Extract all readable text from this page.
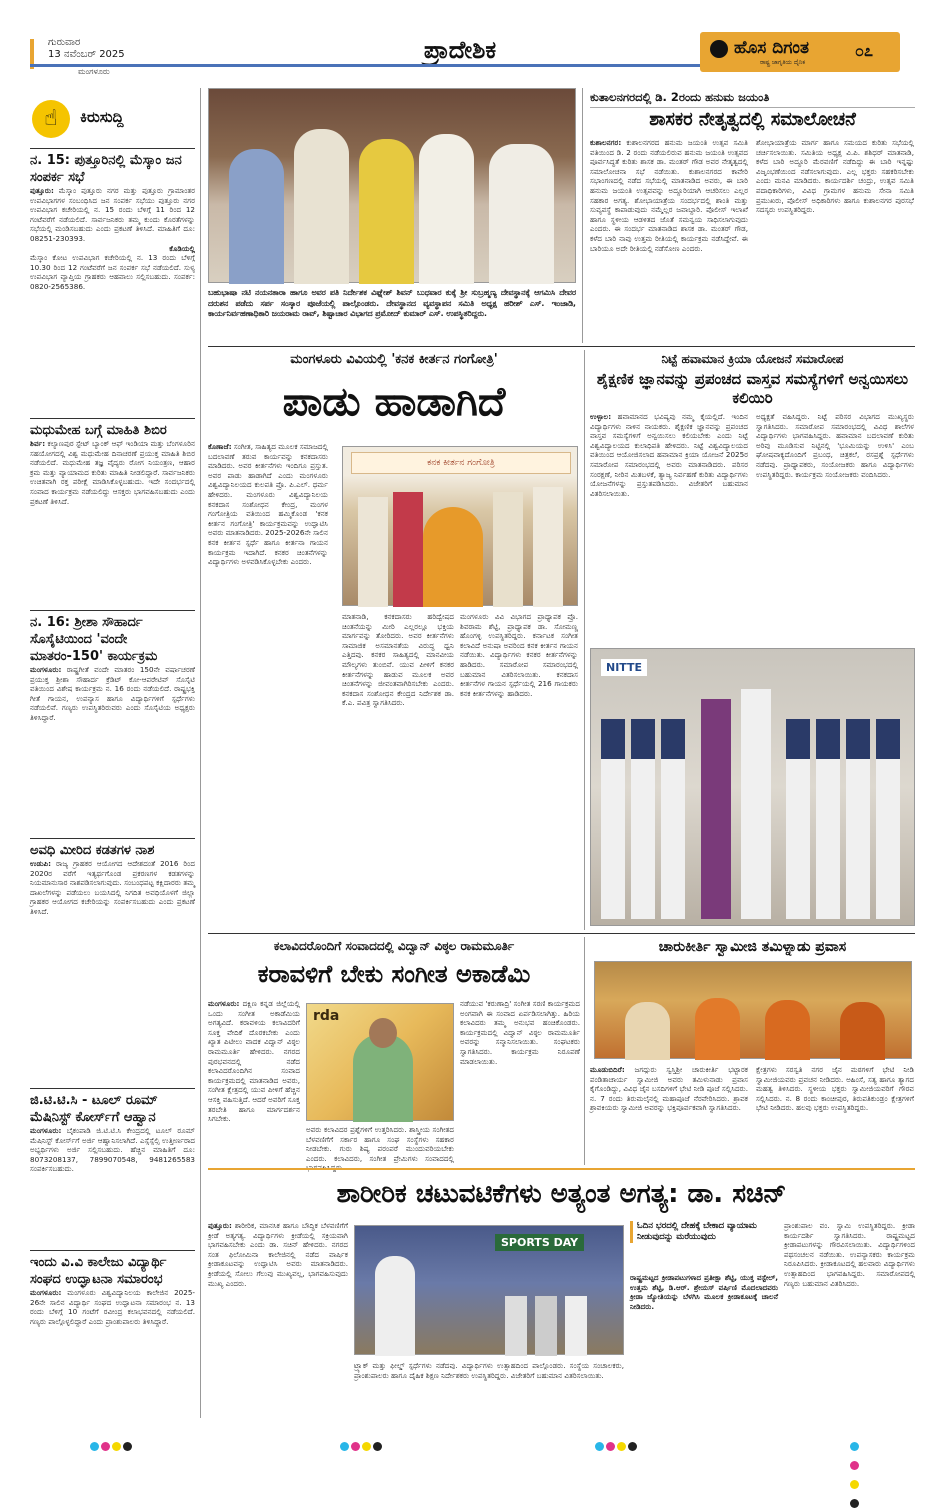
ಗುರುವಾರ
13 ನವೆಂಬರ್ 2025
ಮಂಗಳೂರು
ಪ್ರಾದೇಶಿಕ	ಹೊಸ ದಿಗಂತ
ರಾಷ್ಟ್ರ ಜಾಗೃತಿಯ ದೈನಿಕ
೦೭
☝	ಕಿರುಸುದ್ದಿ
ನ. 15: ಪುತ್ತೂರಿನಲ್ಲಿ ಮೆಸ್ಕಾಂ ಜನ ಸಂಪರ್ಕ ಸಭೆ
ಪುತ್ತೂರು: ಮೆಸ್ಕಾಂ ಪುತ್ತೂರು ನಗರ ಮತ್ತು ಪುತ್ತೂರು ಗ್ರಾಮಾಂತರ ಉಪವಿಭಾಗಗಳ ಸಂಬಂಧಿಸಿದ ಜನ ಸಂಪರ್ಕ ಸಭೆಯು ಪುತ್ತೂರು ನಗರ ಉಪವಿಭಾಗ ಕಚೇರಿಯಲ್ಲಿ ನ. 15 ರಂದು ಬೆಳಿಗ್ಗೆ 11 ರಿಂದ 12 ಗಂಟೆವರೆಗೆ ನಡೆಯಲಿದೆ. ಸಾರ್ವಜನಿಕರು ತಮ್ಮ ಕುಂದು ಕೊರತೆಗಳನ್ನು ಸಭೆಯಲ್ಲಿ ಮಂಡಿಸಬಹುದು ಎಂದು ಪ್ರಕಟಣೆ ತಿಳಿಸಿದೆ. ಮಾಹಿತಿಗೆ ದೂ: 08251-230393.
ಕೊಡಿಯಲ್ಲಿ
ಮೆಸ್ಕಾಂ ಕೋಟ ಉಪವಿಭಾಗ ಕಚೇರಿಯಲ್ಲಿ ನ. 13 ರಂದು ಬೆಳಿಗ್ಗೆ 10.30 ರಿಂದ 12 ಗಂಟೆವರೆಗೆ ಜನ ಸಂಪರ್ಕ ಸಭೆ ನಡೆಯಲಿದೆ. ಸುಳ್ಯ ಉಪವಿಭಾಗ ವ್ಯಾಪ್ತಿಯ ಗ್ರಾಹಕರು ಆಹವಾಲು ಸಲ್ಲಿಸಬಹುದು. ಸಂಪರ್ಕ: 0820-2565386.
ಮಧುಮೇಹ ಬಗ್ಗೆ ಮಾಹಿತಿ ಶಿಬಿರ
ಶಿರ್ವ: ಕಲ್ಯಾಣಪುರ ಸ್ಟೇಟ್ ಬ್ಯಾಂಕ್ ಆಫ್ ಇಂಡಿಯಾ ಮತ್ತು ಬೆಂಗಳೂರಿನ ಸಹಯೋಗದಲ್ಲಿ ವಿಶ್ವ ಮಧುಮೇಹ ದಿನಾಚರಣೆ ಪ್ರಯುಕ್ತ ಮಾಹಿತಿ ಶಿಬಿರ ನಡೆಯಲಿದೆ. ಮಧುಮೇಹ ತಜ್ಞ ವೈದ್ಯರು ರೋಗ ನಿಯಂತ್ರಣ, ಆಹಾರ ಕ್ರಮ ಮತ್ತು ವ್ಯಾಯಾಮದ ಕುರಿತು ಮಾಹಿತಿ ನೀಡಲಿದ್ದಾರೆ. ಸಾರ್ವಜನಿಕರು ಉಚಿತವಾಗಿ ರಕ್ತ ಪರೀಕ್ಷೆ ಮಾಡಿಸಿಕೊಳ್ಳಬಹುದು. ಇದೇ ಸಂದರ್ಭದಲ್ಲಿ ಸಂವಾದ ಕಾರ್ಯಕ್ರಮ ನಡೆಯಲಿದ್ದು ಆಸಕ್ತರು ಭಾಗವಹಿಸಬಹುದು ಎಂದು ಪ್ರಕಟಣೆ ತಿಳಿಸಿದೆ.
ನ. 16: ಶ್ರೀಶಾ ಸೌಹಾರ್ದ ಸೊಸೈಟಿಯಿಂದ 'ವಂದೇ ಮಾತರಂ-150' ಕಾರ್ಯಕ್ರಮ
ಮಂಗಳೂರು: ರಾಷ್ಟ್ರಗೀತೆ ವಂದೇ ಮಾತರಂ 150ನೇ ವರ್ಷಾಚರಣೆ ಪ್ರಯುಕ್ತ ಶ್ರೀಶಾ ಸೌಹಾರ್ದ ಕ್ರೆಡಿಟ್ ಕೋ-ಆಪರೇಟಿವ್ ಸೊಸೈಟಿ ವತಿಯಿಂದ ವಿಶೇಷ ಕಾರ್ಯಕ್ರಮ ನ. 16 ರಂದು ನಡೆಯಲಿದೆ. ರಾಷ್ಟ್ರಭಕ್ತಿ ಗೀತೆ ಗಾಯನ, ಉಪನ್ಯಾಸ ಹಾಗೂ ವಿದ್ಯಾರ್ಥಿಗಳಿಗೆ ಸ್ಪರ್ಧೆಗಳು ನಡೆಯಲಿವೆ. ಗಣ್ಯರು ಉಪಸ್ಥಿತರಿರುವರು ಎಂದು ಸೊಸೈಟಿಯ ಅಧ್ಯಕ್ಷರು ತಿಳಿಸಿದ್ದಾರೆ.
ಅವಧಿ ಮೀರಿದ ಕಡತಗಳ ನಾಶ
ಉಡುಪಿ: ರಾಜ್ಯ ಗ್ರಾಹಕರ ಆಯೋಗದ ಆದೇಶದಂತೆ 2016 ರಿಂದ 2020ರ ವರೆಗೆ ಇತ್ಯರ್ಥಗೊಂಡ ಪ್ರಕರಣಗಳ ಕಡತಗಳನ್ನು ನಿಯಮಾನುಸಾರ ನಾಶಪಡಿಸಲಾಗುವುದು. ಸಂಬಂಧಪಟ್ಟ ಕಕ್ಷಿದಾರರು ತಮ್ಮ ದಾಖಲೆಗಳನ್ನು ಪಡೆಯಲು ಬಯಸಿದಲ್ಲಿ ನಿಗದಿತ ಅವಧಿಯೊಳಗೆ ಜಿಲ್ಲಾ ಗ್ರಾಹಕರ ಆಯೋಗದ ಕಚೇರಿಯನ್ನು ಸಂಪರ್ಕಿಸಬಹುದು ಎಂದು ಪ್ರಕಟಣೆ ತಿಳಿಸಿದೆ.
ಜಿ.ಟಿ.ಟಿ.ಸಿ - ಟೂಲ್ ರೂಮ್ ಮೆಷಿನಿಸ್ಟ್ ಕೋರ್ಸ್‌ಗೆ ಆಹ್ವಾನ
ಮಂಗಳೂರು: ಬೈಕಂಪಾಡಿ ಜಿ.ಟಿ.ಟಿ.ಸಿ ಕೇಂದ್ರದಲ್ಲಿ ಟೂಲ್ ರೂಮ್ ಮೆಷಿನಿಸ್ಟ್ ಕೋರ್ಸ್‌ಗೆ ಅರ್ಜಿ ಆಹ್ವಾನಿಸಲಾಗಿದೆ. ಎಸ್ಸೆಸ್ಸೆಲ್ಸಿ ಉತ್ತೀರ್ಣರಾದ ಅಭ್ಯರ್ಥಿಗಳು ಅರ್ಜಿ ಸಲ್ಲಿಸಬಹುದು. ಹೆಚ್ಚಿನ ಮಾಹಿತಿಗೆ ದೂ: 8073208137, 7899070548, 9481265583 ಸಂಪರ್ಕಿಸಬಹುದು.
ಇಂದು ವಿ.ವಿ ಕಾಲೇಜು ವಿದ್ಯಾರ್ಥಿ ಸಂಘದ ಉದ್ಘಾಟನಾ ಸಮಾರಂಭ
ಮಂಗಳೂರು: ಮಂಗಳೂರು ವಿಶ್ವವಿದ್ಯಾನಿಲಯ ಕಾಲೇಜಿನ 2025-26ನೇ ಸಾಲಿನ ವಿದ್ಯಾರ್ಥಿ ಸಂಘದ ಉದ್ಘಾಟನಾ ಸಮಾರಂಭ ನ. 13 ರಂದು ಬೆಳಿಗ್ಗೆ 10 ಗಂಟೆಗೆ ರವೀಂದ್ರ ಕಲಾಭವನದಲ್ಲಿ ನಡೆಯಲಿದೆ. ಗಣ್ಯರು ಪಾಲ್ಗೊಳ್ಳಲಿದ್ದಾರೆ ಎಂದು ಪ್ರಾಂಶುಪಾಲರು ತಿಳಿಸಿದ್ದಾರೆ.
ಬಹುಭಾಷಾ ನಟಿ ನಯನತಾರಾ ಹಾಗೂ ಅವರ ಪತಿ ನಿರ್ದೇಶಕ ವಿಘ್ನೇಶ್ ಶಿವನ್ ಬುಧವಾರ ಕುಕ್ಕೆ ಶ್ರೀ ಸುಬ್ರಹ್ಮಣ್ಯ ದೇವಸ್ಥಾನಕ್ಕೆ ಆಗಮಿಸಿ ದೇವರ ದರುಶನ ಪಡೆದು ಸರ್ಪ ಸಂಸ್ಕಾರ ಪೂಜೆಯಲ್ಲಿ ಪಾಲ್ಗೊಂಡರು. ದೇವಸ್ಥಾನದ ವ್ಯವಸ್ಥಾಪನ ಸಮಿತಿ ಅಧ್ಯಕ್ಷ ಹರೀಶ್ ಎಸ್. ಇಂಜಾಡಿ, ಕಾರ್ಯನಿರ್ವಹಣಾಧಿಕಾರಿ ಜಯರಾಮ ರಾವ್, ಶಿಷ್ಟಾಚಾರ ವಿಭಾಗದ ಪ್ರಮೋದ್ ಕುಮಾರ್ ಎಸ್. ಉಪಸ್ಥಿತರಿದ್ದರು.
ಕುತಾಲನಗರದಲ್ಲಿ ಡಿ. 2ರಂದು ಹನುಮ ಜಯಂತಿ
ಶಾಸಕರ ನೇತೃತ್ವದಲ್ಲಿ ಸಮಾಲೋಚನೆ
ಕುಶಾಲನಗರ: ಕುಶಾಲನಗರದ ಹನುಮ ಜಯಂತಿ ಉತ್ಸವ ಸಮಿತಿ ವತಿಯಿಂದ ಡಿ. 2 ರಂದು ನಡೆಯಲಿರುವ ಹನುಮ ಜಯಂತಿ ಉತ್ಸವದ ಪೂರ್ವಸಿದ್ಧತೆ ಕುರಿತು ಶಾಸಕ ಡಾ. ಮಂತರ್ ಗೌಡ ಅವರ ನೇತೃತ್ವದಲ್ಲಿ ಸಮಾಲೋಚನಾ ಸಭೆ ನಡೆಯಿತು. ಕುಶಾಲನಗರದ ಕಾವೇರಿ ಸಭಾಂಗಣದಲ್ಲಿ ನಡೆದ ಸಭೆಯಲ್ಲಿ ಮಾತನಾಡಿದ ಅವರು, ಈ ಬಾರಿ ಹನುಮ ಜಯಂತಿ ಉತ್ಸವವನ್ನು ಅದ್ದೂರಿಯಾಗಿ ಆಚರಿಸಲು ಎಲ್ಲರ ಸಹಕಾರ ಅಗತ್ಯ. ಶೋಭಾಯಾತ್ರೆಯ ಸಂದರ್ಭದಲ್ಲಿ ಶಾಂತಿ ಮತ್ತು ಸುವ್ಯವಸ್ಥೆ ಕಾಪಾಡುವುದು ನಮ್ಮೆಲ್ಲರ ಜವಾಬ್ದಾರಿ. ಪೊಲೀಸ್ ಇಲಾಖೆ ಹಾಗೂ ಸ್ಥಳೀಯ ಆಡಳಿತದ ಜೊತೆ ಸಮನ್ವಯ ಸಾಧಿಸಲಾಗುವುದು ಎಂದರು. ಈ ಸಂದರ್ಭ ಮಾತನಾಡಿದ ಶಾಸಕ ಡಾ. ಮಂತರ್ ಗೌಡ, ಕಳೆದ ಬಾರಿ ನಾವು ಉತ್ತಮ ರೀತಿಯಲ್ಲಿ ಕಾರ್ಯಕ್ರಮ ನಡೆಸಿದ್ದೇವೆ. ಈ ಬಾರಿಯೂ ಅದೇ ರೀತಿಯಲ್ಲಿ ನಡೆಸೋಣ ಎಂದರು.
ಶೋಭಾಯಾತ್ರೆಯ ಮಾರ್ಗ ಹಾಗೂ ಸಮಯದ ಕುರಿತು ಸಭೆಯಲ್ಲಿ ಚರ್ಚಿಸಲಾಯಿತು. ಸಮಿತಿಯ ಅಧ್ಯಕ್ಷ ವಿ.ಪಿ. ಶಶಿಧರ್ ಮಾತನಾಡಿ, ಕಳೆದ ಬಾರಿ ಅದ್ಧೂರಿ ಮೆರವಣಿಗೆ ನಡೆದಿದ್ದು ಈ ಬಾರಿ ಇನ್ನಷ್ಟು ವಿಜೃಂಭಣೆಯಿಂದ ನಡೆಸಲಾಗುವುದು. ಎಲ್ಲ ಭಕ್ತರು ಸಹಕರಿಸಬೇಕು ಎಂದು ಮನವಿ ಮಾಡಿದರು. ಕಾರ್ಯದರ್ಶಿ ಚಂದ್ರು, ಉತ್ಸವ ಸಮಿತಿ ಪದಾಧಿಕಾರಿಗಳು, ವಿವಿಧ ಗ್ರಾಮಗಳ ಹನುಮ ಸೇನಾ ಸಮಿತಿ ಪ್ರಮುಖರು, ಪೊಲೀಸ್ ಅಧಿಕಾರಿಗಳು ಹಾಗೂ ಕುಶಾಲನಗರ ಪುರಸಭೆ ಸದಸ್ಯರು ಉಪಸ್ಥಿತರಿದ್ದರು.
ಮಂಗಳೂರು ವಿವಿಯಲ್ಲಿ 'ಕನಕ ಕೀರ್ತನ ಗಂಗೋತ್ರಿ'
ಪಾಡು ಹಾಡಾಗಿದೆ
ಕೊಣಾಜೆ: ಸಂಗೀತ, ಸಾಹಿತ್ಯದ ಮೂಲಕ ಸಮಾಜದಲ್ಲಿ ಬದಲಾವಣೆ ತರುವ ಕಾರ್ಯವನ್ನು ಕನಕದಾಸರು ಮಾಡಿದರು. ಅವರ ಕೀರ್ತನೆಗಳು ಇಂದಿಗೂ ಪ್ರಸ್ತುತ. ಅವರ ಪಾಡು ಹಾಡಾಗಿದೆ ಎಂದು ಮಂಗಳೂರು ವಿಶ್ವವಿದ್ಯಾನಿಲಯದ ಕುಲಪತಿ ಪ್ರೊ. ಪಿ.ಎಲ್. ಧರ್ಮ ಹೇಳಿದರು. ಮಂಗಳೂರು ವಿಶ್ವವಿದ್ಯಾನಿಲಯ ಕನಕದಾಸ ಸಂಶೋಧನ ಕೇಂದ್ರ, ಮಂಗಳ ಗಂಗೋತ್ರಿಯ ವತಿಯಿಂದ ಹಮ್ಮಿಕೊಂಡ 'ಕನಕ ಕೀರ್ತನ ಗಂಗೋತ್ರಿ' ಕಾರ್ಯಕ್ರಮವನ್ನು ಉದ್ಘಾಟಿಸಿ ಅವರು ಮಾತನಾಡಿದರು. 2025-2026ನೇ ಸಾಲಿನ ಕನಕ ಕೀರ್ತನ ಸ್ಪರ್ಧೆ ಹಾಗೂ ಕೀರ್ತನಾ ಗಾಯನ ಕಾರ್ಯಕ್ರಮ ಇದಾಗಿದೆ. ಕನಕರ ಚಿಂತನೆಗಳನ್ನು ವಿದ್ಯಾರ್ಥಿಗಳು ಅಳವಡಿಸಿಕೊಳ್ಳಬೇಕು ಎಂದರು.
ಕನಕ ಕೀರ್ತನ ಗಂಗೋತ್ರಿ
ಮಾತನಾಡಿ, ಕನಕದಾಸರು ಹರಿದ್ವೇಷದ ಚಿಂತನೆಯನ್ನು ಮೀರಿ ಎಲ್ಲರಲ್ಲೂ ಭಕ್ತಿಯ ಮಾರ್ಗವನ್ನು ತೋರಿದರು. ಅವರ ಕೀರ್ತನೆಗಳು ಸಾಮಾಜಿಕ ಅಸಮಾನತೆಯ ವಿರುದ್ಧ ಧ್ವನಿ ಎತ್ತಿದವು. ಕನಕರ ಸಾಹಿತ್ಯದಲ್ಲಿ ಮಾನವೀಯ ಮೌಲ್ಯಗಳು ತುಂಬಿವೆ. ಯುವ ಪೀಳಿಗೆ ಕನಕರ ಕೀರ್ತನೆಗಳನ್ನು ಹಾಡುವ ಮೂಲಕ ಅವರ ಚಿಂತನೆಗಳನ್ನು ಜೀವಂತವಾಗಿರಿಸಬೇಕು ಎಂದರು. ಕನಕದಾಸ ಸಂಶೋಧನ ಕೇಂದ್ರದ ನಿರ್ದೇಶಕ ಡಾ. ಕೆ.ಎ. ಪವಿತ್ರ ಸ್ವಾಗತಿಸಿದರು.
ಮಂಗಳೂರು ವಿವಿ ವಿಭಾಗದ ಪ್ರಾಧ್ಯಾಪಕ ಪ್ರೊ. ಶಿವರಾಮ ಶೆಟ್ಟಿ, ಪ್ರಾಧ್ಯಾಪಕ ಡಾ. ಸೋಮಣ್ಣ ಹೊಂಗಳ್ಳಿ ಉಪಸ್ಥಿತರಿದ್ದರು. ಕರ್ನಾಟಕ ಸಂಗೀತ ಕಲಾವಿದೆ ಅನುಷಾ ಅವರಿಂದ ಕನಕ ಕೀರ್ತನ ಗಾಯನ ನಡೆಯಿತು. ವಿದ್ಯಾರ್ಥಿಗಳು ಕನಕರ ಕೀರ್ತನೆಗಳನ್ನು ಹಾಡಿದರು. ಸಮಾರೋಪ ಸಮಾರಂಭದಲ್ಲಿ ಬಹುಮಾನ ವಿತರಿಸಲಾಯಿತು. ಕನಕದಾಸ ಕೀರ್ತನೆಗಳ ಗಾಯನ ಸ್ಪರ್ಧೆಯಲ್ಲಿ 216 ಗಾಯಕರು ಕನಕ ಕೀರ್ತನೆಗಳನ್ನು ಹಾಡಿದರು.
ನಿಟ್ಟೆ ಹವಾಮಾನ ಕ್ರಿಯಾ ಯೋಜನೆ ಸಮಾರೋಪ
ಶೈಕ್ಷಣಿಕ ಜ್ಞಾನವನ್ನು ಪ್ರಪಂಚದ ವಾಸ್ತವ ಸಮಸ್ಯೆಗಳಿಗೆ ಅನ್ವಯಿಸಲು ಕಲಿಯಿರಿ
ಉಳ್ಳಾಲ: ಹವಾಮಾನದ ಭವಿಷ್ಯವು ನಮ್ಮ ಕೈಯಲ್ಲಿದೆ. ಇಂದಿನ ವಿದ್ಯಾರ್ಥಿಗಳು ನಾಳಿನ ನಾಯಕರು. ಶೈಕ್ಷಣಿಕ ಜ್ಞಾನವನ್ನು ಪ್ರಪಂಚದ ವಾಸ್ತವ ಸಮಸ್ಯೆಗಳಿಗೆ ಅನ್ವಯಿಸಲು ಕಲಿಯಬೇಕು ಎಂದು ನಿಟ್ಟೆ ವಿಶ್ವವಿದ್ಯಾಲಯದ ಕುಲಾಧಿಪತಿ ಹೇಳಿದರು. ನಿಟ್ಟೆ ವಿಶ್ವವಿದ್ಯಾಲಯದ ವತಿಯಿಂದ ಆಯೋಜಿಸಲಾದ ಹವಾಮಾನ ಕ್ರಿಯಾ ಯೋಜನೆ 2025ರ ಸಮಾರೋಪ ಸಮಾರಂಭದಲ್ಲಿ ಅವರು ಮಾತನಾಡಿದರು. ಪರಿಸರ ಸಂರಕ್ಷಣೆ, ನೀರಿನ ಮಿತಬಳಕೆ, ತ್ಯಾಜ್ಯ ನಿರ್ವಹಣೆ ಕುರಿತು ವಿದ್ಯಾರ್ಥಿಗಳು ಯೋಜನೆಗಳನ್ನು ಪ್ರಸ್ತುತಪಡಿಸಿದರು. ವಿಜೇತರಿಗೆ ಬಹುಮಾನ ವಿತರಿಸಲಾಯಿತು.
ಅಧ್ಯಕ್ಷತೆ ವಹಿಸಿದ್ದರು. ನಿಟ್ಟೆ ಪರಿಸರ ವಿಭಾಗದ ಮುಖ್ಯಸ್ಥರು ಸ್ವಾಗತಿಸಿದರು. ಸಮಾರೋಪ ಸಮಾರಂಭದಲ್ಲಿ ವಿವಿಧ ಶಾಲೆಗಳ ವಿದ್ಯಾರ್ಥಿಗಳು ಭಾಗವಹಿಸಿದ್ದರು. ಹವಾಮಾನ ಬದಲಾವಣೆ ಕುರಿತು ಅರಿವು ಮೂಡಿಸುವ ನಿಟ್ಟಿನಲ್ಲಿ 'ಭೂಮಿಯನ್ನು ಉಳಿಸಿ' ಎಂಬ ಘೋಷವಾಕ್ಯದೊಂದಿಗೆ ಪ್ರಬಂಧ, ಚಿತ್ರಕಲೆ, ರಸಪ್ರಶ್ನೆ ಸ್ಪರ್ಧೆಗಳು ನಡೆದವು. ಪ್ರಾಧ್ಯಾಪಕರು, ಸಂಯೋಜಕರು ಹಾಗೂ ವಿದ್ಯಾರ್ಥಿಗಳು ಉಪಸ್ಥಿತರಿದ್ದರು. ಕಾರ್ಯಕ್ರಮ ಸಂಯೋಜಕರು ವಂದಿಸಿದರು.
NITTE
ಕಲಾವಿದರೊಂದಿಗೆ ಸಂವಾದದಲ್ಲಿ ವಿದ್ವಾನ್ ವಿಠ್ಠಲ ರಾಮಮೂರ್ತಿ
ಕರಾವಳಿಗೆ ಬೇಕು ಸಂಗೀತ ಅಕಾಡೆಮಿ
ಮಂಗಳೂರು: ದಕ್ಷಿಣ ಕನ್ನಡ ಜಿಲ್ಲೆಯಲ್ಲಿ ಒಂದು ಸಂಗೀತ ಅಕಾಡೆಮಿಯ ಅಗತ್ಯವಿದೆ. ಕರಾವಳಿಯ ಕಲಾವಿದರಿಗೆ ಸೂಕ್ತ ವೇದಿಕೆ ದೊರಕಬೇಕು ಎಂದು ಖ್ಯಾತ ಪಿಟೀಲು ವಾದಕ ವಿದ್ವಾನ್ ವಿಠ್ಠಲ ರಾಮಮೂರ್ತಿ ಹೇಳಿದರು. ನಗರದ ಪುರಭವನದಲ್ಲಿ ನಡೆದ ಕಲಾವಿದರೊಂದಿಗಿನ ಸಂವಾದ ಕಾರ್ಯಕ್ರಮದಲ್ಲಿ ಮಾತನಾಡಿದ ಅವರು, ಸಂಗೀತ ಕ್ಷೇತ್ರದಲ್ಲಿ ಯುವ ಪೀಳಿಗೆ ಹೆಚ್ಚಿನ ಆಸಕ್ತಿ ವಹಿಸುತ್ತಿದೆ. ಆದರೆ ಅವರಿಗೆ ಸೂಕ್ತ ತರಬೇತಿ ಹಾಗೂ ಮಾರ್ಗದರ್ಶನ ಸಿಗಬೇಕು.
rda
ಅವರು ಕಲಾವಿದರ ಪ್ರಶ್ನೆಗಳಿಗೆ ಉತ್ತರಿಸಿದರು. ಶಾಸ್ತ್ರೀಯ ಸಂಗೀತದ ಬೆಳವಣಿಗೆಗೆ ಸರ್ಕಾರ ಹಾಗೂ ಸಂಘ ಸಂಸ್ಥೆಗಳು ಸಹಕಾರ ನೀಡಬೇಕು. ಗುರು ಶಿಷ್ಯ ಪರಂಪರೆ ಮುಂದುವರಿಯಬೇಕು ಎಂದರು. ಕಲಾವಿದರು, ಸಂಗೀತ ಪ್ರೇಮಿಗಳು ಸಂವಾದದಲ್ಲಿ
ನಡೆಯುವ 'ಕರುಣಾದ್ರಿ' ಸಂಗೀತ ಸರಣಿ ಕಾರ್ಯಕ್ರಮದ ಅಂಗವಾಗಿ ಈ ಸಂವಾದ ಏರ್ಪಡಿಸಲಾಗಿತ್ತು. ಹಿರಿಯ ಕಲಾವಿದರು ತಮ್ಮ ಅನುಭವ ಹಂಚಿಕೊಂಡರು. ಕಾರ್ಯಕ್ರಮದಲ್ಲಿ ವಿದ್ವಾನ್ ವಿಠ್ಠಲ ರಾಮಮೂರ್ತಿ ಅವರನ್ನು ಸನ್ಮಾನಿಸಲಾಯಿತು. ಸಂಘಟಕರು ಸ್ವಾಗತಿಸಿದರು. ಕಾರ್ಯಕ್ರಮ ನಿರೂಪಣೆ ಮಾಡಲಾಯಿತು.
ಚಾರುಕೀರ್ತಿ ಸ್ವಾಮೀಜಿ ತಮಿಳ್ನಾಡು ಪ್ರವಾಸ
ಮೂಡುಬಿದಿರೆ: ಜಗದ್ಗುರು ಸ್ವಸ್ತಿಶ್ರೀ ಚಾರುಕೀರ್ತಿ ಭಟ್ಟಾರಕ ಪಂಡಿತಾಚಾರ್ಯ ಸ್ವಾಮೀಜಿ ಅವರು ತಮಿಳುನಾಡು ಪ್ರವಾಸ ಕೈಗೊಂಡಿದ್ದು, ವಿವಿಧ ಜೈನ ಬಸದಿಗಳಿಗೆ ಭೇಟಿ ನೀಡಿ ಪೂಜೆ ಸಲ್ಲಿಸಿದರು. ನ. 7 ರಂದು ತಿರುಮಲೈನಲ್ಲಿ ಮಹಾಪೂಜೆ ನೆರವೇರಿಸಿದರು. ಶ್ರಾವಕ ಶ್ರಾವಕಿಯರು ಸ್ವಾಮೀಜಿ ಅವರನ್ನು ಭಕ್ತಿಪೂರ್ವಕವಾಗಿ ಸ್ವಾಗತಿಸಿದರು.
ಕ್ಷೇತ್ರಗಳು ಸರಸ್ವತಿ ನಗರ ಜೈನ ಮಠಗಳಿಗೆ ಭೇಟಿ ನೀಡಿ ಸ್ವಾಮೀಜಿಯವರು ಪ್ರವಚನ ನೀಡಿದರು. ಅಹಿಂಸೆ, ಸತ್ಯ ಹಾಗೂ ತ್ಯಾಗದ ಮಹತ್ವ ತಿಳಿಸಿದರು. ಸ್ಥಳೀಯ ಭಕ್ತರು ಸ್ವಾಮೀಜಿಯವರಿಗೆ ಗೌರವ ಸಲ್ಲಿಸಿದರು. ನ. 8 ರಂದು ಕಾಂಚೀಪುರ, ತಿರುಪತಿಕುಂಡ್ರಂ ಕ್ಷೇತ್ರಗಳಿಗೆ ಭೇಟಿ ನೀಡಿದರು. ಹಲವು ಭಕ್ತರು ಉಪಸ್ಥಿತರಿದ್ದರು.
ಶಾರೀರಿಕ ಚಟುವಟಿಕೆಗಳು ಅತ್ಯಂತ ಅಗತ್ಯ: ಡಾ. ಸಚಿನ್
ಪುತ್ತೂರು: ಶಾರೀರಿಕ, ಮಾನಸಿಕ ಹಾಗೂ ಬೌದ್ಧಿಕ ಬೆಳವಣಿಗೆಗೆ ಕ್ರೀಡೆ ಅತ್ಯಗತ್ಯ. ವಿದ್ಯಾರ್ಥಿಗಳು ಕ್ರೀಡೆಯಲ್ಲಿ ಸಕ್ರಿಯವಾಗಿ ಭಾಗವಹಿಸಬೇಕು ಎಂದು ಡಾ. ಸಚಿನ್ ಹೇಳಿದರು. ನಗರದ ಸಂತ ಫಿಲೋಮಿನಾ ಕಾಲೇಜಿನಲ್ಲಿ ನಡೆದ ವಾರ್ಷಿಕ ಕ್ರೀಡಾಕೂಟವನ್ನು ಉದ್ಘಾಟಿಸಿ ಅವರು ಮಾತನಾಡಿದರು. ಕ್ರೀಡೆಯಲ್ಲಿ ಸೋಲು ಗೆಲುವು ಮುಖ್ಯವಲ್ಲ, ಭಾಗವಹಿಸುವುದು ಮುಖ್ಯ ಎಂದರು.
SPORTS DAY
ಟ್ರ್ಯಾಕ್ ಮತ್ತು ಫೀಲ್ಡ್ ಸ್ಪರ್ಧೆಗಳು ನಡೆದವು. ವಿದ್ಯಾರ್ಥಿಗಳು ಉತ್ಸಾಹದಿಂದ ಪಾಲ್ಗೊಂಡರು. ಸಂಸ್ಥೆಯ ಸಂಚಾಲಕರು, ಪ್ರಾಂಶುಪಾಲರು ಹಾಗೂ ದೈಹಿಕ ಶಿಕ್ಷಣ ನಿರ್ದೇಶಕರು ಉಪಸ್ಥಿತರಿದ್ದರು. ವಿಜೇತರಿಗೆ ಬಹುಮಾನ ವಿತರಿಸಲಾಯಿತು.
ಓದಿನ ಭರದಲ್ಲಿ ದೇಹಕ್ಕೆ ಬೇಕಾದ ವ್ಯಾಯಾಮ ನೀಡುವುದನ್ನು ಮರೆಯುವುದು
ರಾಷ್ಟ್ರಮಟ್ಟದ ಕ್ರೀಡಾಪಟುಗಳಾದ ಪ್ರತೀಕ್ಷಾ ಶೆಟ್ಟಿ, ಯುಕ್ತ ವಸ್ಟೇಲ್, ಉತ್ತಮ ಶೆಟ್ಟಿ, ಡಿ.ಆರ್. ಶ್ರೇಯಸ್ ವರ್ಷಿಣಿ ಮೊದಲಾದವರು ಕ್ರೀಡಾ ಜ್ಯೋತಿಯನ್ನು ಬೆಳಗಿಸಿ ಮೂಲಕ ಕ್ರೀಡಾಕೂಟಕ್ಕೆ ಚಾಲನೆ ನೀಡಿದರು.
ಪ್ರಾಂಶುಪಾಲ ವಂ. ಸ್ವಾಮಿ ಉಪಸ್ಥಿತರಿದ್ದರು. ಕ್ರೀಡಾ ಕಾರ್ಯದರ್ಶಿ ಸ್ವಾಗತಿಸಿದರು. ರಾಷ್ಟ್ರಮಟ್ಟದ ಕ್ರೀಡಾಪಟುಗಳನ್ನು ಗೌರವಿಸಲಾಯಿತು. ವಿದ್ಯಾರ್ಥಿಗಳಿಂದ ಪಥಸಂಚಲನ ನಡೆಯಿತು. ಉಪನ್ಯಾಸಕರು ಕಾರ್ಯಕ್ರಮ ನಿರೂಪಿಸಿದರು. ಕ್ರೀಡಾಕೂಟದಲ್ಲಿ ಹಲವಾರು ವಿದ್ಯಾರ್ಥಿಗಳು ಉತ್ಸಾಹದಿಂದ ಭಾಗವಹಿಸಿದ್ದರು. ಸಮಾರೋಪದಲ್ಲಿ ಗಣ್ಯರು ಬಹುಮಾನ ವಿತರಿಸಿದರು.
